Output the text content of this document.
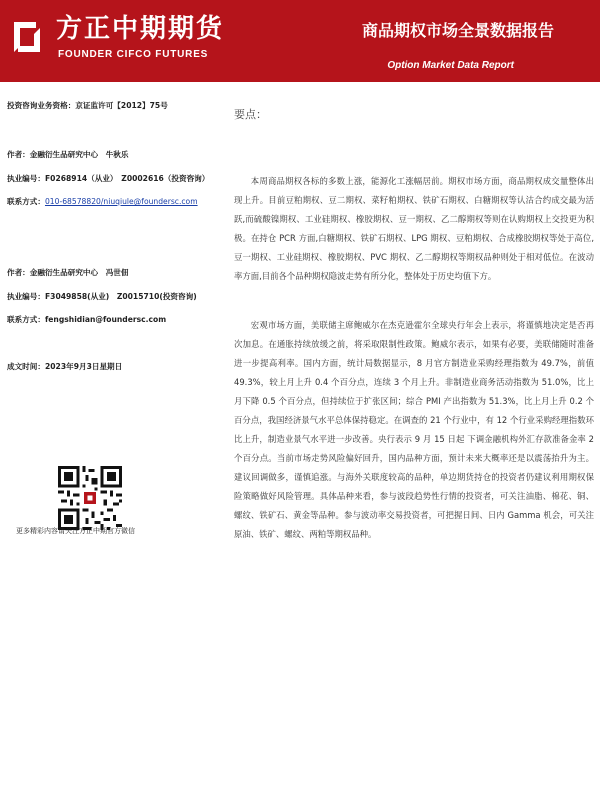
方正中期期货
FOUNDER CIFCO FUTURES
商品期权市场全景数据报告
Option Market Data Report
投资咨询业务资格：京证监许可【2012】75号
作者：金融衍生品研究中心　牛秋乐
执业编号：F0268914（从业）　Z0002616（投资咨询）
联系方式：010-68578820/niuqiule@foundersc.com
作者：金融衍生品研究中心　冯世佃
执业编号：F3049858(从业)　Z0015710(投资咨询)
联系方式：fengshidian@foundersc.com
成文时间：2023年9月3日星期日
更多精彩内容请关注方正中期官方微信
要点：

本周商品期权各标的多数上涨，能源化工涨幅居前。期权市场方面，商品期权成交量整体出现上升。目前豆粕期权、豆二期权、菜籽粕期权、铁矿石期权、白糖期权等认沽合约成交最为活跃,而硫酸镍期权、工业硅期权、橡胶期权、豆一期权、乙二醇期权等则在认购期权上交投更为积极。在持仓 PCR 方面,白糖期权、铁矿石期权、LPG 期权、豆粕期权、合成橡胶期权等处于高位,豆一期权、工业硅期权、橡胶期权、PVC 期权、乙二醇期权等期权品种则处于相对低位。在波动率方面,目前各个品种期权隐波走势有所分化，整体处于历史均值下方。

宏观市场方面，美联储主席鲍威尔在杰克逊霍尔全球央行年会上表示，将谨慎地决定是否再次加息。在通胀持续放缓之前，将采取限制性政策。鲍威尔表示，如果有必要，美联储随时准备进一步提高利率。国内方面，统计局数据显示，8 月官方制造业采购经理指数为 49.7%，前值 49.3%，较上月上升 0.4 个百分点，连续 3 个月上升。非制造业商务活动指数为 51.0%，比上月下降 0.5 个百分点，但持续位于扩张区间；综合 PMI 产出指数为 51.3%，比上月上升 0.2 个百分点，我国经济景气水平总体保持稳定。在调查的 21 个行业中，有 12 个行业采购经理指数环比上升，制造业景气水平进一步改善。央行表示 9 月 15 日起 下调金融机构外汇存款准备金率 2 个百分点。当前市场走势风险偏好回升，国内品种方面，预计未来大概率还是以震荡抬升为主。建议回调做多，谨慎追涨。与海外关联度较高的品种，单边期货持仓的投资者仍建议利用期权保险策略做好风险管理。具体品种来看，参与波段趋势性行情的投资者，可关注油脂、棉花、铜、螺纹、铁矿石、黄金等品种。参与波动率交易投资者，可把握日间、日内 Gamma 机会，可关注原油、铁矿、螺纹、两粕等期权品种。
